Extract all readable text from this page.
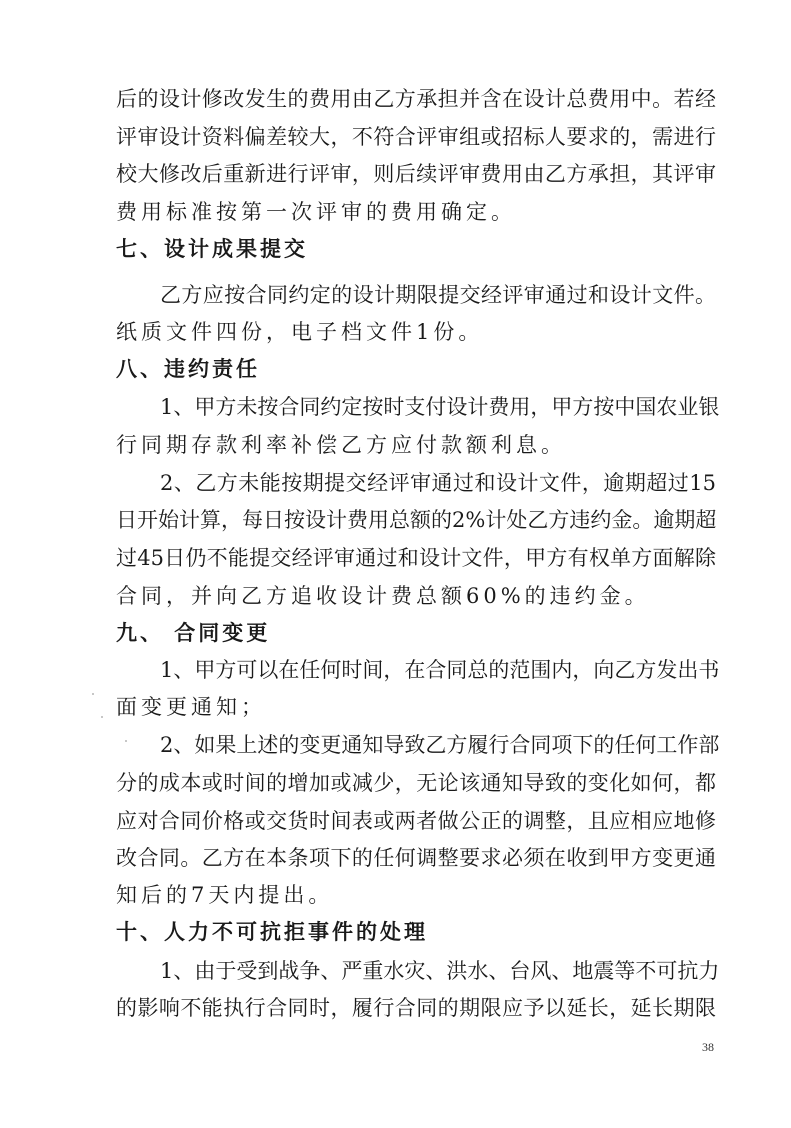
后的设计修改发生的费用由乙方承担并含在设计总费用中。若经
评审设计资料偏差较大，不符合评审组或招标人要求的，需进行
校大修改后重新进行评审，则后续评审费用由乙方承担，其评审
费用标准按第一次评审的费用确定。
七、设计成果提交
乙方应按合同约定的设计期限提交经评审通过和设计文件。
纸质文件四份，电子档文件1份。
八、违约责任
1、甲方未按合同约定按时支付设计费用，甲方按中国农业银
行同期存款利率补偿乙方应付款额利息。
2、乙方未能按期提交经评审通过和设计文件，逾期超过15
日开始计算，每日按设计费用总额的2%计处乙方违约金。逾期超
过45日仍不能提交经评审通过和设计文件，甲方有权单方面解除
合同，并向乙方追收设计费总额60%的违约金。
九、 合同变更
1、甲方可以在任何时间，在合同总的范围内，向乙方发出书
面变更通知；
2、如果上述的变更通知导致乙方履行合同项下的任何工作部
分的成本或时间的增加或减少，无论该通知导致的变化如何，都
应对合同价格或交货时间表或两者做公正的调整，且应相应地修
改合同。乙方在本条项下的任何调整要求必须在收到甲方变更通
知后的7天内提出。
十、人力不可抗拒事件的处理
1、由于受到战争、严重水灾、洪水、台风、地震等不可抗力
的影响不能执行合同时，履行合同的期限应予以延长，延长期限
38
